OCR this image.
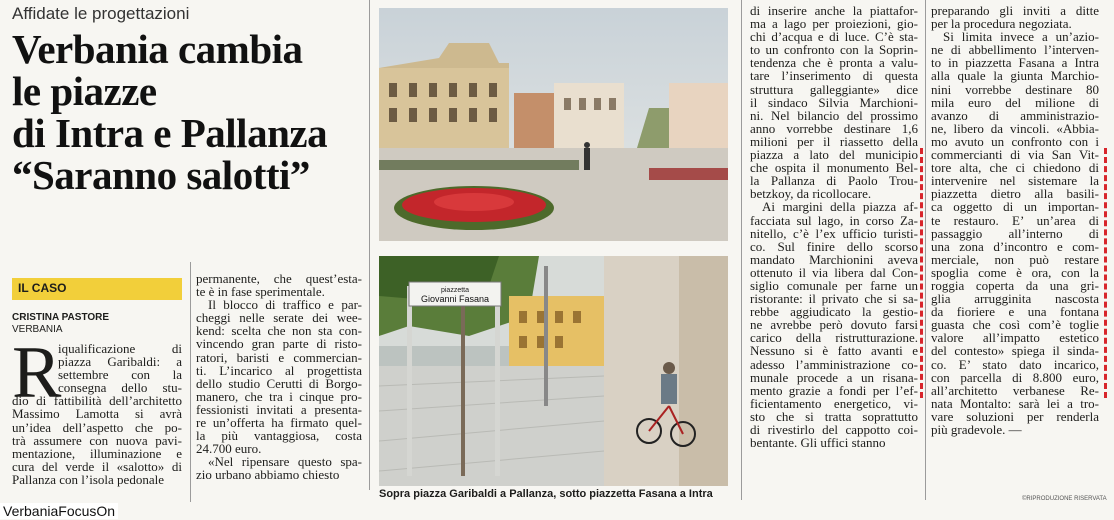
Affidate le progettazioni
Verbania cambia
le piazze
di Intra e Pallanza
“Saranno salotti”
IL CASO
CRISTINA PASTORE
VERBANIA
R
iqualificazione di
piazza Garibaldi: a
settembre con la
consegna dello stu-
dio di fattibilità dell’architetto
Massimo Lamotta si avrà
un’idea dell’aspetto che po-
trà assumere con nuova pavi-
mentazione, illuminazione e
cura del verde il «salotto» di
Pallanza con l’isola pedonale
permanente, che quest’esta-
te è in fase sperimentale.
Il blocco di traffico e par-
cheggi nelle serate dei wee-
kend: scelta che non sta con-
vincendo gran parte di risto-
ratori, baristi e commercian-
ti. L’incarico al progettista
dello studio Cerutti di Borgo-
manero, che tra i cinque pro-
fessionisti invitati a presenta-
re un’offerta ha firmato quel-
la più vantaggiosa, costa
24.700 euro.
«Nel ripensare questo spa-
zio urbano abbiamo chiesto
piazzetta
Giovanni Fasana
Sopra piazza Garibaldi a Pallanza, sotto piazzetta Fasana a Intra
di inserire anche la piattafor-
ma a lago per proiezioni, gio-
chi d’acqua e di luce. C’è sta-
to un confronto con la Soprin-
tendenza che è pronta a valu-
tare l’inserimento di questa
struttura galleggiante» dice
il sindaco Silvia Marchioni-
ni. Nel bilancio del prossimo
anno vorrebbe destinare 1,6
milioni per il riassetto della
piazza a lato del municipio
che ospita il monumento Bel-
la Pallanza di Paolo Trou-
betzkoy, da ricollocare.
Ai margini della piazza af-
facciata sul lago, in corso Za-
nitello, c’è l’ex ufficio turisti-
co. Sul finire dello scorso
mandato Marchionini aveva
ottenuto il via libera dal Con-
siglio comunale per farne un
ristorante: il privato che si sa-
rebbe aggiudicato la gestio-
ne avrebbe però dovuto farsi
carico della ristrutturazione.
Nessuno si è fatto avanti e
adesso l’amministrazione co-
munale procede a un risana-
mento grazie a fondi per l’ef-
ficientamento energetico, vi-
sto che si tratta soprattutto
di rivestirlo del cappotto coi-
bentante. Gli uffici stanno
preparando gli inviti a ditte
per la procedura negoziata.
Si limita invece a un’azio-
ne di abbellimento l’interven-
to in piazzetta Fasana a Intra
alla quale la giunta Marchio-
nini vorrebbe destinare 80
mila euro del milione di
avanzo di amministrazio-
ne, libero da vincoli. «Abbia-
mo avuto un confronto con i
commercianti di via San Vit-
tore alta, che ci chiedono di
intervenire nel sistemare la
piazzetta dietro alla basili-
ca oggetto di un importan-
te restauro. E’ un’area di
passaggio all’interno di
una zona d’incontro e com-
merciale, non può restare
spoglia come è ora, con la
roggia coperta da una gri-
glia arrugginita nascosta
da fioriere e una fontana
guasta che così com’è toglie
valore all’impatto estetico
del contesto» spiega il sinda-
co. E’ stato dato incarico,
con parcella di 8.800 euro,
all’architetto verbanese Re-
nata Montalto: sarà lei a tro-
vare soluzioni per renderla
più gradevole. —
©RIPRODUZIONE RISERVATA
VerbaniaFocusOn
